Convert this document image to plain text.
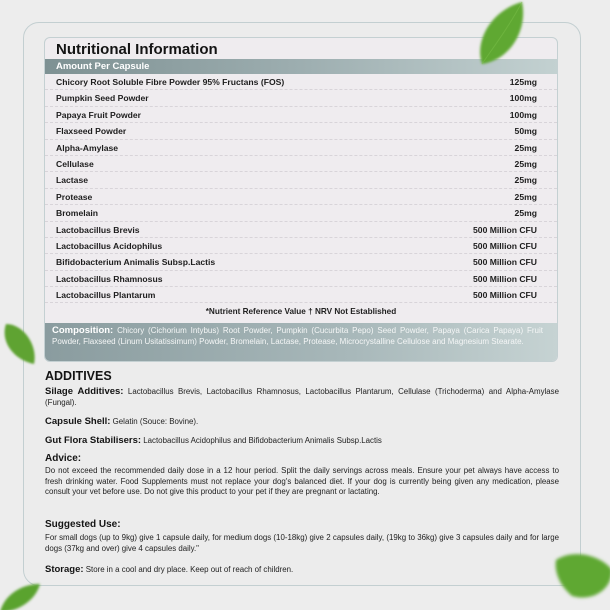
Nutritional Information
Amount Per Capsule
Chicory Root Soluble Fibre Powder 95% Fructans (FOS)	125mg
Pumpkin Seed Powder	100mg
Papaya Fruit Powder	100mg
Flaxseed Powder	50mg
Alpha-Amylase	25mg
Cellulase	25mg
Lactase	25mg
Protease	25mg
Bromelain	25mg
Lactobacillus Brevis	500 Million CFU
Lactobacillus Acidophilus	500 Million CFU
Bifidobacterium Animalis Subsp.Lactis	500 Million CFU
Lactobacillus Rhamnosus	500 Million CFU
Lactobacillus Plantarum	500 Million CFU
*Nutrient Reference Value † NRV Not Established
Composition: Chicory (Cichorium Intybus) Root Powder, Pumpkin (Cucurbita Pepo) Seed Powder, Papaya (Carica Papaya) Fruit Powder, Flaxseed (Linum Usitatissimum) Powder, Bromelain, Lactase, Protease, Microcrystalline Cellulose and Magnesium Stearate.
ADDITIVES
Silage Additives: Lactobacillus Brevis, Lactobacillus Rhamnosus, Lactobacillus Plantarum, Cellulase (Trichoderma) and Alpha-Amylase (Fungal).
Capsule Shell: Gelatin (Souce: Bovine).
Gut Flora Stabilisers: Lactobacillus Acidophilus and Bifidobacterium Animalis Subsp.Lactis
Advice:
Do not exceed the recommended daily dose in a 12 hour period. Split the daily servings across meals. Ensure your pet always have access to fresh drinking water. Food Supplements must not replace your dog's balanced diet. If your dog is currently being given any medication, please consult your vet before use. Do not give this product to your pet if they are pregnant or lactating.
Suggested Use:
For small dogs (up to 9kg) give 1 capsule daily, for medium dogs (10-18kg) give 2 capsules daily, (19kg to 36kg) give 3 capsules daily and for large dogs (37kg and over) give 4 capsules daily."
Storage: Store in a cool and dry place. Keep out of reach of children.
